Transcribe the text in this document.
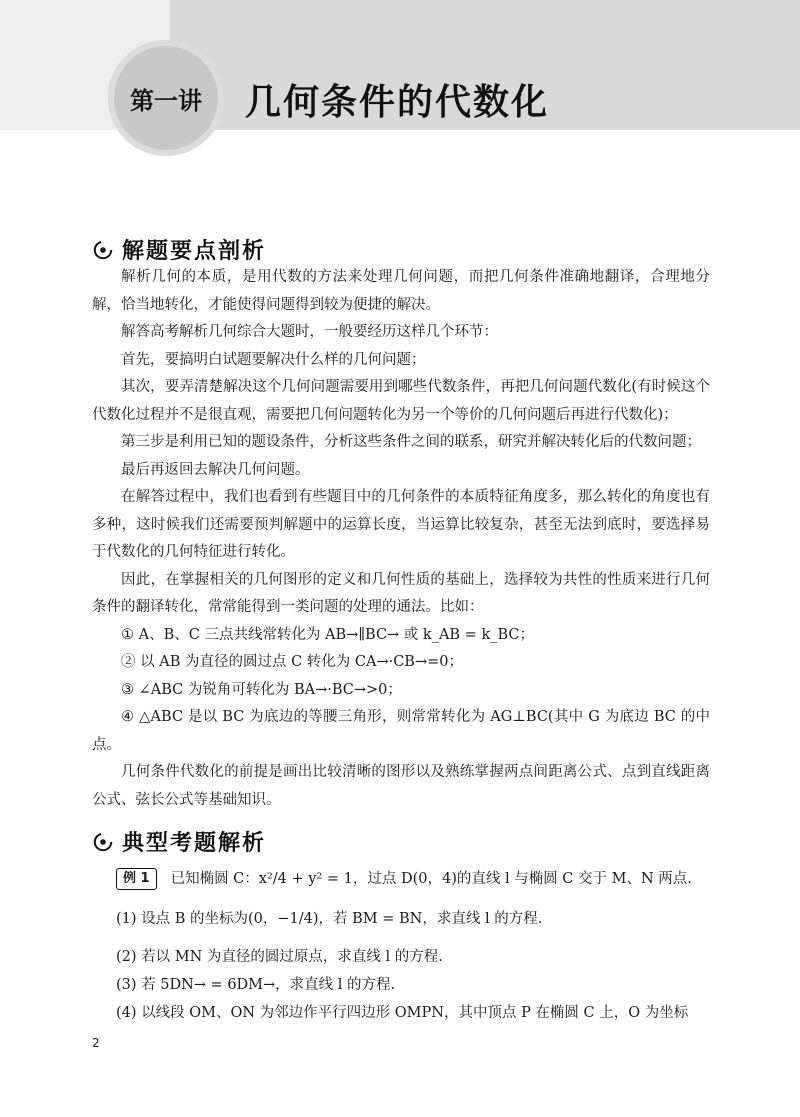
第一讲 几何条件的代数化
解题要点剖析

解析几何的本质，是用代数的方法来处理几何问题，而把几何条件准确地翻译，合理地分解，恰当地转化，才能使得问题得到较为便捷的解决。

解答高考解析几何综合大题时，一般要经历这样几个环节：

首先，要搞明白试题要解决什么样的几何问题；

其次，要弄清楚解决这个几何问题需要用到哪些代数条件，再把几何问题代数化(有时候这个代数化过程并不是很直观，需要把几何问题转化为另一个等价的几何问题后再进行代数化)；

第三步是利用已知的题设条件，分析这些条件之间的联系，研究并解决转化后的代数问题；

最后再返回去解决几何问题。

在解答过程中，我们也看到有些题目中的几何条件的本质特征角度多，那么转化的角度也有多种，这时候我们还需要预判解题中的运算长度，当运算比较复杂，甚至无法到底时，要选择易于代数化的几何特征进行转化。

因此，在掌握相关的几何图形的定义和几何性质的基础上，选择较为共性的性质来进行几何条件的翻译转化，常常能得到一类问题的处理的通法。比如：

① A、B、C 三点共线常转化为 AB→∥BC→ 或 k_AB = k_BC；

② 以 AB 为直径的圆过点 C 转化为 CA→·CB→=0；

③ ∠ABC 为锐角可转化为 BA→·BC→>0；

④ △ABC 是以 BC 为底边的等腰三角形，则常常转化为 AG⊥BC(其中 G 为底边 BC 的中点。

几何条件代数化的前提是画出比较清晰的图形以及熟练掌握两点间距离公式、点到直线距离公式、弦长公式等基础知识。

典型考题解析
例 1	已知椭圆 C：x²/4 + y² = 1，过点 D(0，4)的直线 l 与椭圆 C 交于 M、N 两点.
(1) 设点 B 的坐标为(0，−1/4)，若 BM = BN，求直线 l 的方程.
(2) 若以 MN 为直径的圆过原点，求直线 l 的方程.
(3) 若 5DN→ = 6DM→，求直线 l 的方程.
(4) 以线段 OM、ON 为邻边作平行四边形 OMPN，其中顶点 P 在椭圆 C 上，O 为坐标
2
